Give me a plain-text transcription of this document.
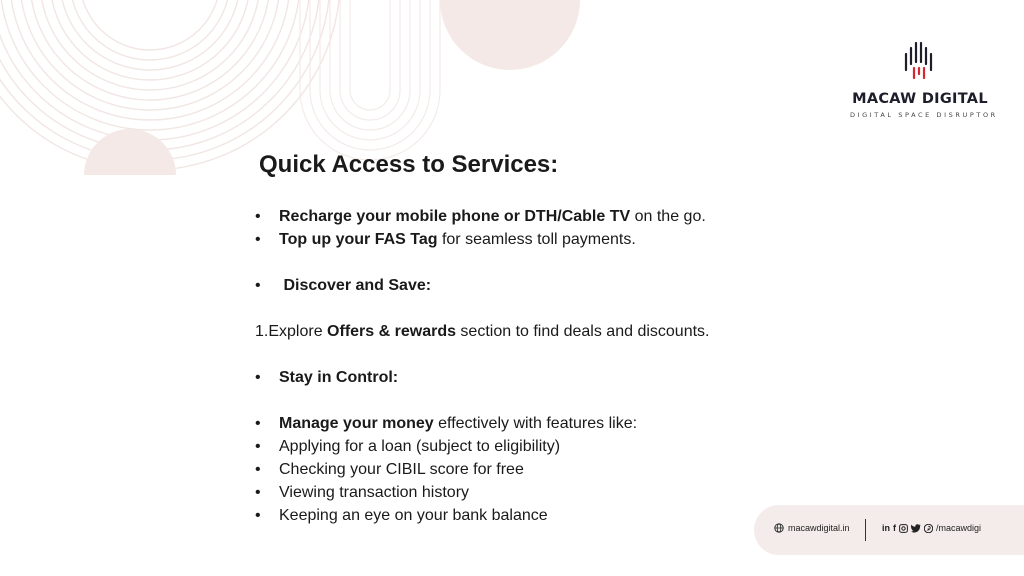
MACAW DIGITAL
DIGITAL SPACE DISRUPTOR
Quick Access to Services:
• Recharge your mobile phone or DTH/Cable TV on the go.
• Top up your FAS Tag for seamless toll payments.
• Discover and Save:
1.Explore Offers & rewards section to find deals and discounts.
• Stay in Control:
• Manage your money effectively with features like:
• Applying for a loan (subject to eligibility)
• Checking your CIBIL score for free
• Viewing transaction history
• Keeping an eye on your bank balance
macawdigital.in	in f	/macawdigi
